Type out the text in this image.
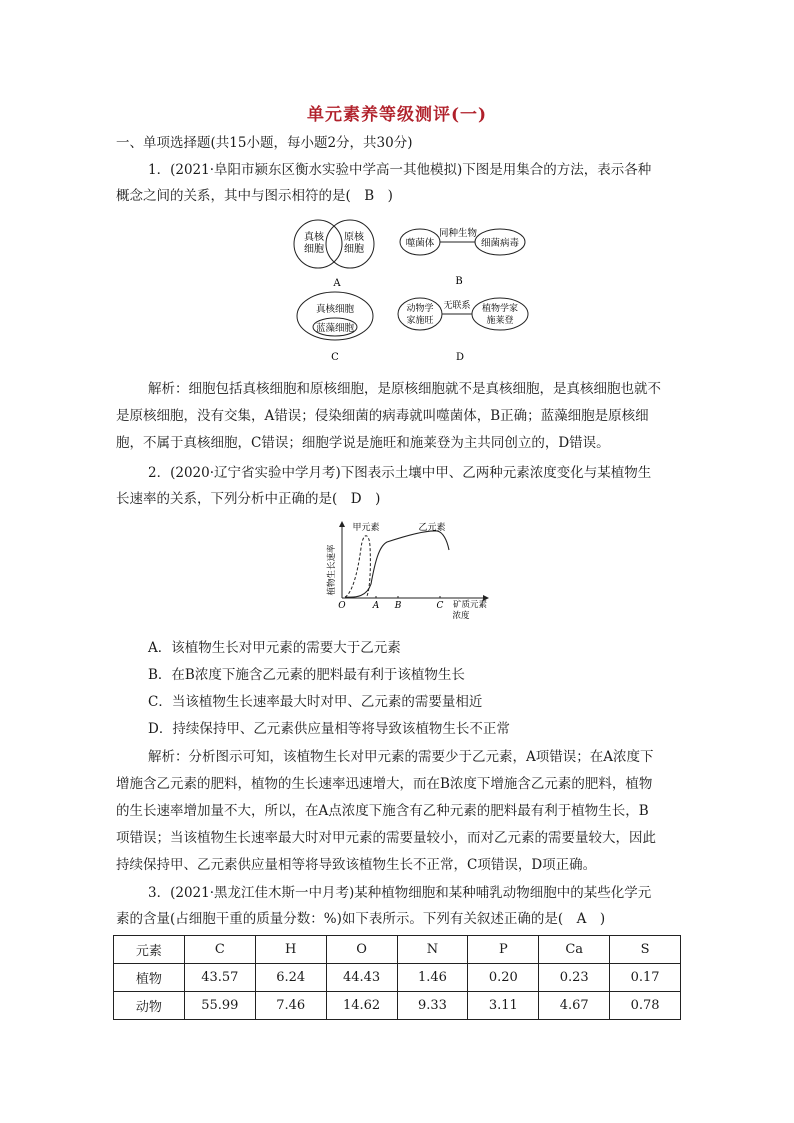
单元素养等级测评(一)
一、单项选择题(共15小题，每小题2分，共30分)
1．(2021·阜阳市颍东区衡水实验中学高一其他模拟)下图是用集合的方法，表示各种
概念之间的关系，其中与图示相符的是(　B　)
真核
细胞
原核
细胞
A
噬菌体
同种生物
细菌病毒
B
真核细胞
蓝藻细胞
C
动物学
家施旺
无联系 植物学家
施莱登
D
解析：细胞包括真核细胞和原核细胞，是原核细胞就不是真核细胞，是真核细胞也就不
是原核细胞，没有交集，A错误；侵染细菌的病毒就叫噬菌体，B正确；蓝藻细胞是原核细
胞，不属于真核细胞，C错误；细胞学说是施旺和施莱登为主共同创立的，D错误。
2．(2020·辽宁省实验中学月考)下图表示土壤中甲、乙两种元素浓度变化与某植物生
长速率的关系，下列分析中正确的是(　D　)
植物生长速率
O	A B	C 矿质元素
浓度
甲元素	乙元素
A．该植物生长对甲元素的需要大于乙元素
B．在B浓度下施含乙元素的肥料最有利于该植物生长
C．当该植物生长速率最大时对甲、乙元素的需要量相近
D．持续保持甲、乙元素供应量相等将导致该植物生长不正常
解析：分析图示可知，该植物生长对甲元素的需要少于乙元素，A项错误；在A浓度下
增施含乙元素的肥料，植物的生长速率迅速增大，而在B浓度下增施含乙元素的肥料，植物
的生长速率增加量不大，所以，在A点浓度下施含有乙种元素的肥料最有利于植物生长，B
项错误；当该植物生长速率最大时对甲元素的需要量较小，而对乙元素的需要量较大，因此
持续保持甲、乙元素供应量相等将导致该植物生长不正常，C项错误，D项正确。
3．(2021·黑龙江佳木斯一中月考)某种植物细胞和某种哺乳动物细胞中的某些化学元
素的含量(占细胞干重的质量分数：%)如下表所示。下列有关叙述正确的是(　A　)
元素	C	H	O	N	P	Ca	S
植物	43.57	6.24	44.43	1.46	0.20	0.23	0.17
动物	55.99	7.46	14.62	9.33	3.11	4.67	0.78
